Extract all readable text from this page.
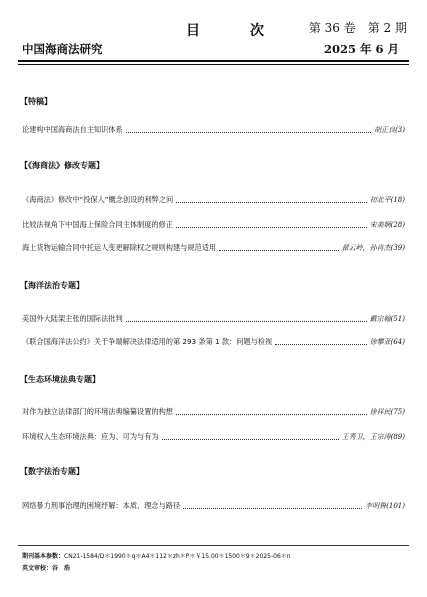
目　次 第 36 卷　第 2 期
中国海商法研究	2025 年 6 月
【特稿】
论建构中国海商法自主知识体系	胡正良(3)
【《海商法》修改专题】
《海商法》修改中“投保人”概念创设的利弊之问	初北平(18)
比较法视角下中国海上保险合同主体制度的修正	宋美娴(28)
海上货物运输合同中托运人变更解除权之规则构建与规范适用	翟云岭，孙肖杰(39)
【海洋法治专题】
美国外大陆架主张的国际法批判	戴宗翰(51)
《联合国海洋法公约》关于争端解决法律适用的第 293 条第 1 款：问题与检视	徐攀亚(64)
【生态环境法典专题】
对作为独立法律部门的环境法典编纂设置的构想	徐祥民(75)
环境权入生态环境法典：应为、可为与有为	王秀卫，王宗涛(89)
【数字法治专题】
网络暴力刑事治理的困境纾解：本质、理念与路径	李明鲁(101)
期刊基本参数：CN21-1584/D＊1990＊q＊A4＊112＊zh＊P＊￥15.00＊1500＊9＊2025-06＊n
英文审校：谷　浩
